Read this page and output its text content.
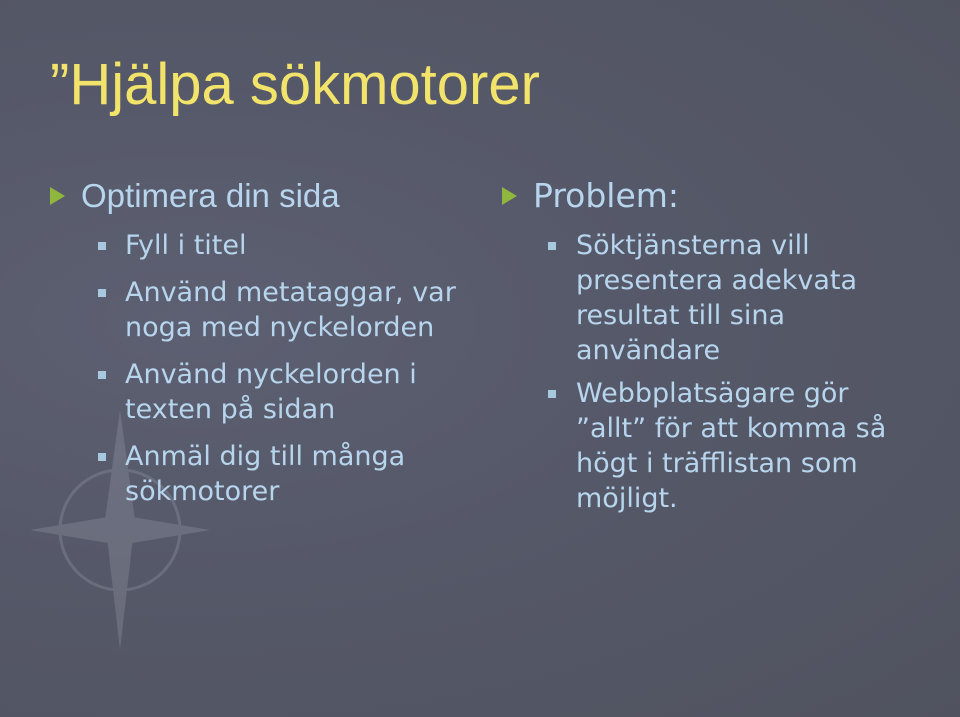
”Hjälpa sökmotorer
Optimera din sida
Fyll i titel
Använd metataggar, var noga med nyckelorden
Använd nyckelorden i texten på sidan
Anmäl dig till många sökmotorer
Problem:
Söktjänsterna vill presentera adekvata resultat till sina användare
Webbplatsägare gör ”allt” för att komma så högt i träfflistan som möjligt.
